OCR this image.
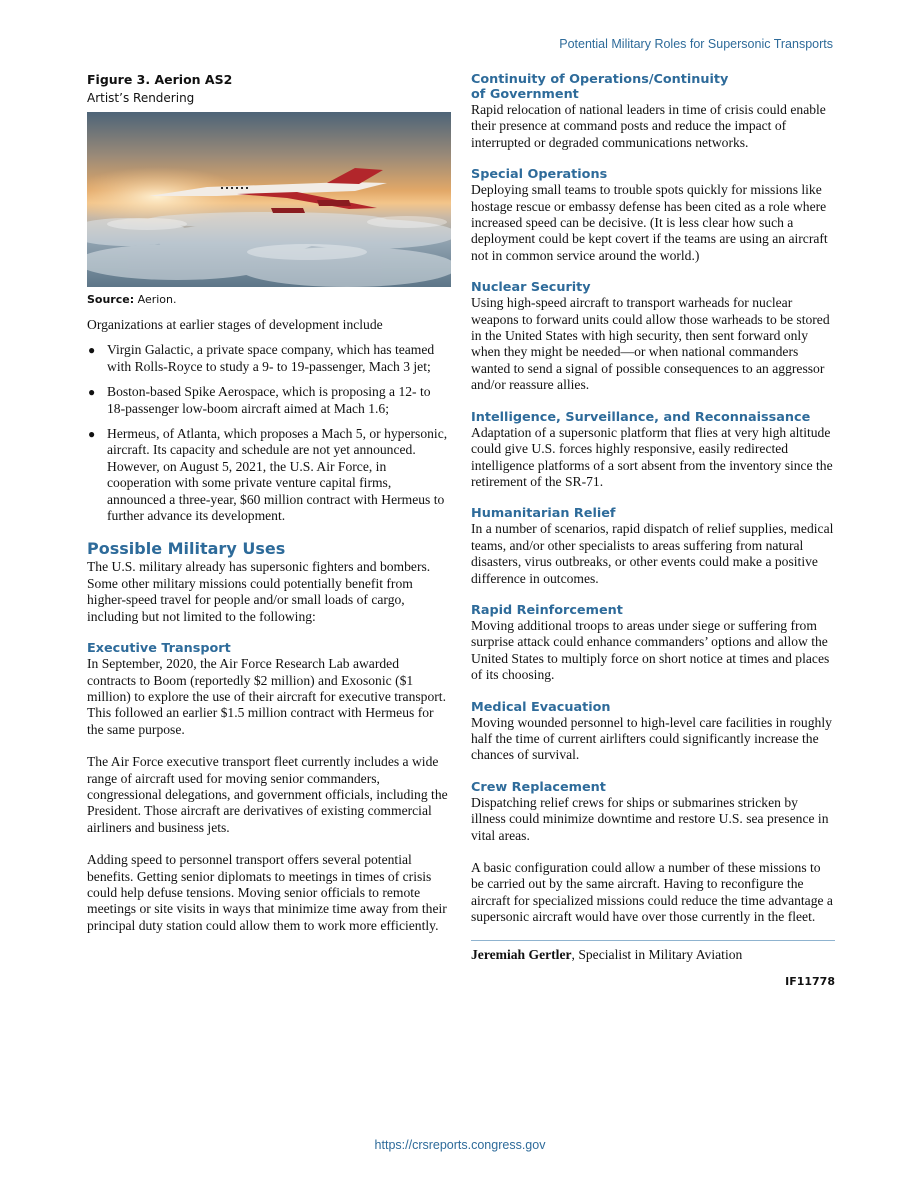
Potential Military Roles for Supersonic Transports

Figure 3. Aerion AS2

Artist’s Rendering

Source: Aerion.

Organizations at earlier stages of development include

● Virgin Galactic, a private space company, which has teamed with Rolls-Royce to study a 9- to 19-passenger, Mach 3 jet;
● Boston-based Spike Aerospace, which is proposing a 12- to 18-passenger low-boom aircraft aimed at Mach 1.6;
● Hermeus, of Atlanta, which proposes a Mach 5, or hypersonic, aircraft. Its capacity and schedule are not yet announced. However, on August 5, 2021, the U.S. Air Force, in cooperation with some private venture capital firms, announced a three-year, $60 million contract with Hermeus to further advance its development.
Possible Military Uses

The U.S. military already has supersonic fighters and bombers. Some other military missions could potentially benefit from higher-speed travel for people and/or small loads of cargo, including but not limited to the following:

Executive Transport

In September, 2020, the Air Force Research Lab awarded contracts to Boom (reportedly $2 million) and Exosonic ($1 million) to explore the use of their aircraft for executive transport. This followed an earlier $1.5 million contract with Hermeus for the same purpose.

The Air Force executive transport fleet currently includes a wide range of aircraft used for moving senior commanders, congressional delegations, and government officials, including the President. Those aircraft are derivatives of existing commercial airliners and business jets.

Adding speed to personnel transport offers several potential benefits. Getting senior diplomats to meetings in times of crisis could help defuse tensions. Moving senior officials to remote meetings or site visits in ways that minimize time away from their principal duty station could allow them to work more efficiently.

Continuity of Operations/Continuity
of Government

Rapid relocation of national leaders in time of crisis could enable their presence at command posts and reduce the impact of interrupted or degraded communications networks.

Special Operations

Deploying small teams to trouble spots quickly for missions like hostage rescue or embassy defense has been cited as a role where increased speed can be decisive. (It is less clear how such a deployment could be kept covert if the teams are using an aircraft not in common service around the world.)

Nuclear Security

Using high-speed aircraft to transport warheads for nuclear weapons to forward units could allow those warheads to be stored in the United States with high security, then sent forward only when they might be needed—or when national commanders wanted to send a signal of possible consequences to an aggressor and/or reassure allies.

Intelligence, Surveillance, and Reconnaissance

Adaptation of a supersonic platform that flies at very high altitude could give U.S. forces highly responsive, easily redirected intelligence platforms of a sort absent from the inventory since the retirement of the SR-71.

Humanitarian Relief

In a number of scenarios, rapid dispatch of relief supplies, medical teams, and/or other specialists to areas suffering from natural disasters, virus outbreaks, or other events could make a positive difference in outcomes.

Rapid Reinforcement

Moving additional troops to areas under siege or suffering from surprise attack could enhance commanders’ options and allow the United States to multiply force on short notice at times and places of its choosing.

Medical Evacuation

Moving wounded personnel to high-level care facilities in roughly half the time of current airlifters could significantly increase the chances of survival.

Crew Replacement

Dispatching relief crews for ships or submarines stricken by illness could minimize downtime and restore U.S. sea presence in vital areas.

A basic configuration could allow a number of these missions to be carried out by the same aircraft. Having to reconfigure the aircraft for specialized missions could reduce the time advantage a supersonic aircraft would have over those currently in the fleet.

Jeremiah Gertler, Specialist in Military Aviation

IF11778
https://crsreports.congress.gov
